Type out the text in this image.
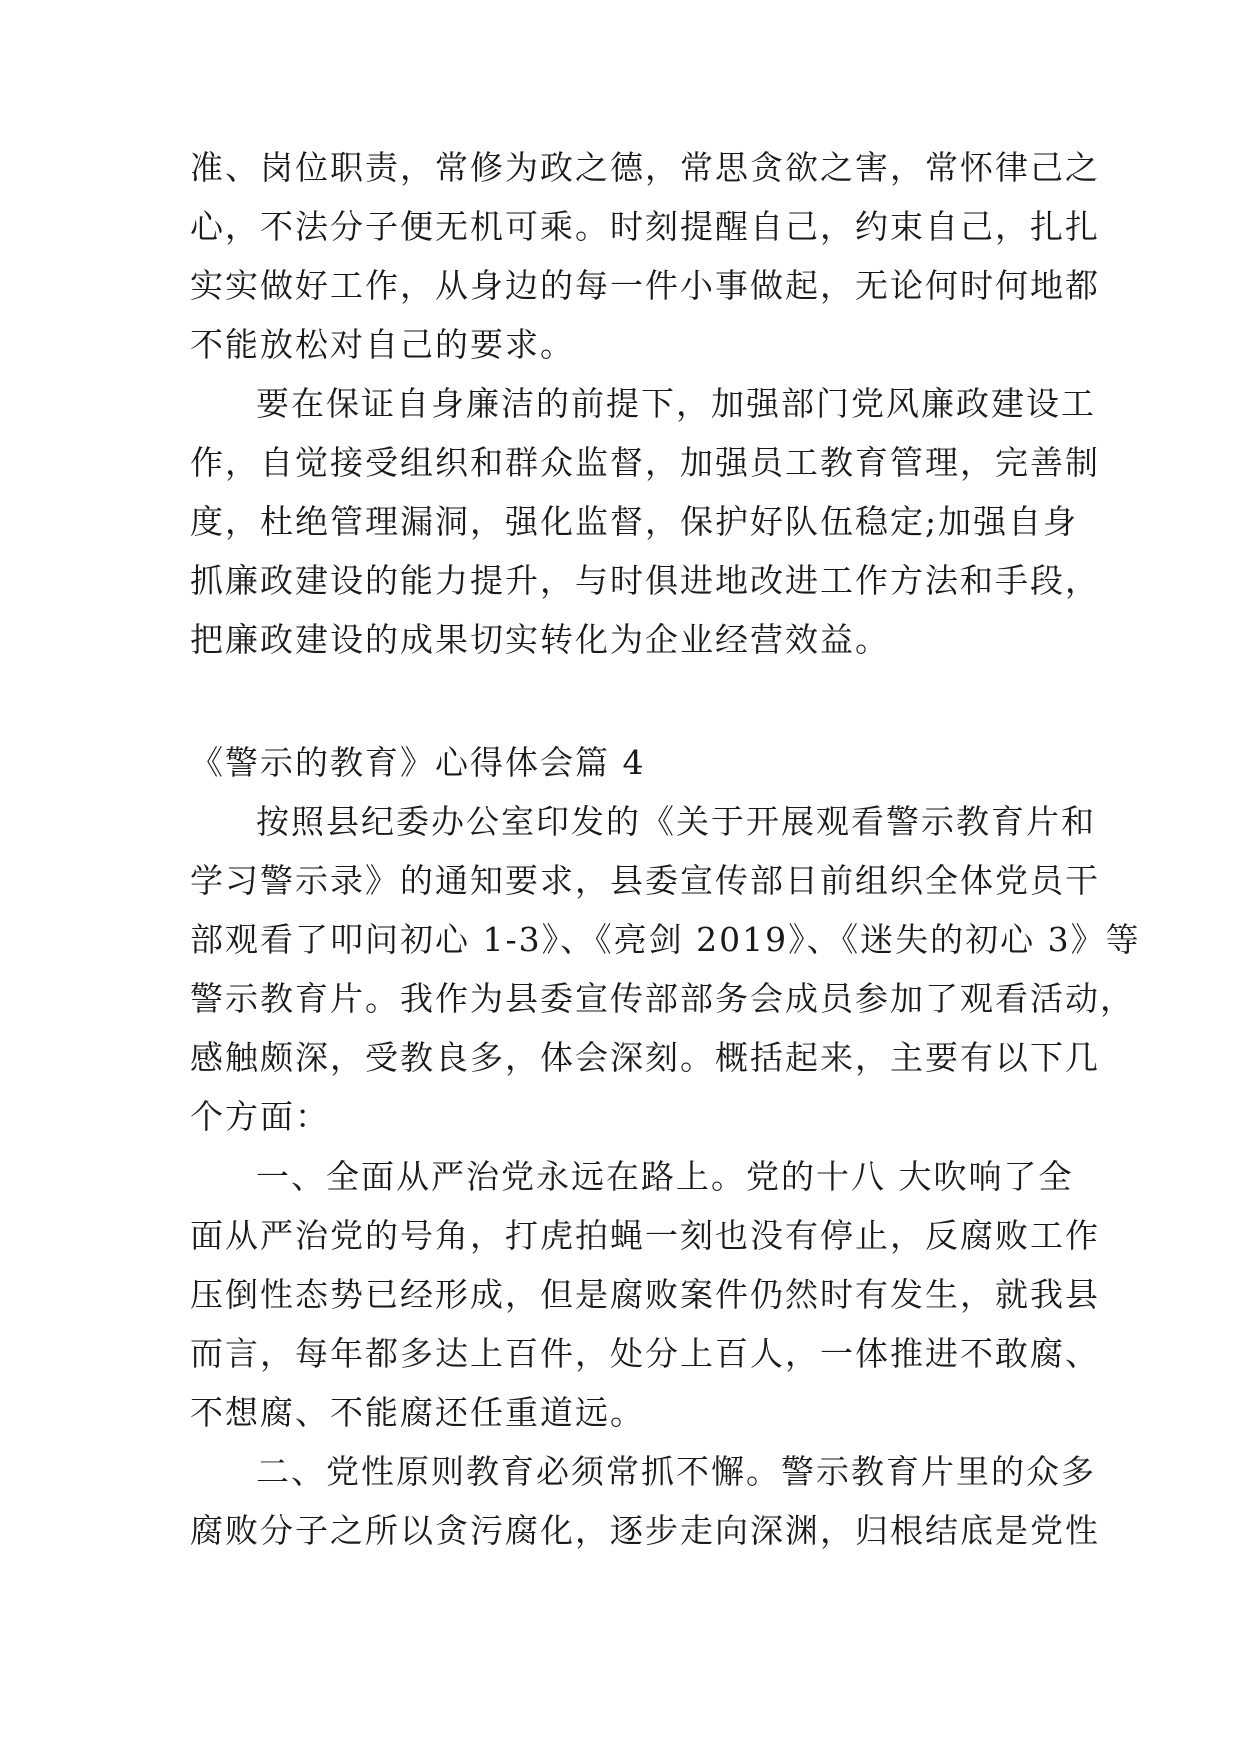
准、岗位职责，常修为政之德，常思贪欲之害，常怀律己之
心，不法分子便无机可乘。时刻提醒自己，约束自己，扎扎
实实做好工作，从身边的每一件小事做起，无论何时何地都
不能放松对自己的要求。
要在保证自身廉洁的前提下，加强部门党风廉政建设工
作，自觉接受组织和群众监督，加强员工教育管理，完善制
度，杜绝管理漏洞，强化监督，保护好队伍稳定;加强自身
抓廉政建设的能力提升，与时俱进地改进工作方法和手段，
把廉政建设的成果切实转化为企业经营效益。
《警示的教育》心得体会篇 4
按照县纪委办公室印发的《关于开展观看警示教育片和
学习警示录》的通知要求，县委宣传部日前组织全体党员干
部观看了叩问初心 1-3》、《亮剑 2019》、《迷失的初心 3》等
警示教育片。我作为县委宣传部部务会成员参加了观看活动，
感触颇深，受教良多，体会深刻。概括起来，主要有以下几
个方面：
一、全面从严治党永远在路上。党的十八 大吹响了全
面从严治党的号角，打虎拍蝇一刻也没有停止，反腐败工作
压倒性态势已经形成，但是腐败案件仍然时有发生，就我县
而言，每年都多达上百件，处分上百人，一体推进不敢腐、
不想腐、不能腐还任重道远。
二、党性原则教育必须常抓不懈。警示教育片里的众多
腐败分子之所以贪污腐化，逐步走向深渊，归根结底是党性
